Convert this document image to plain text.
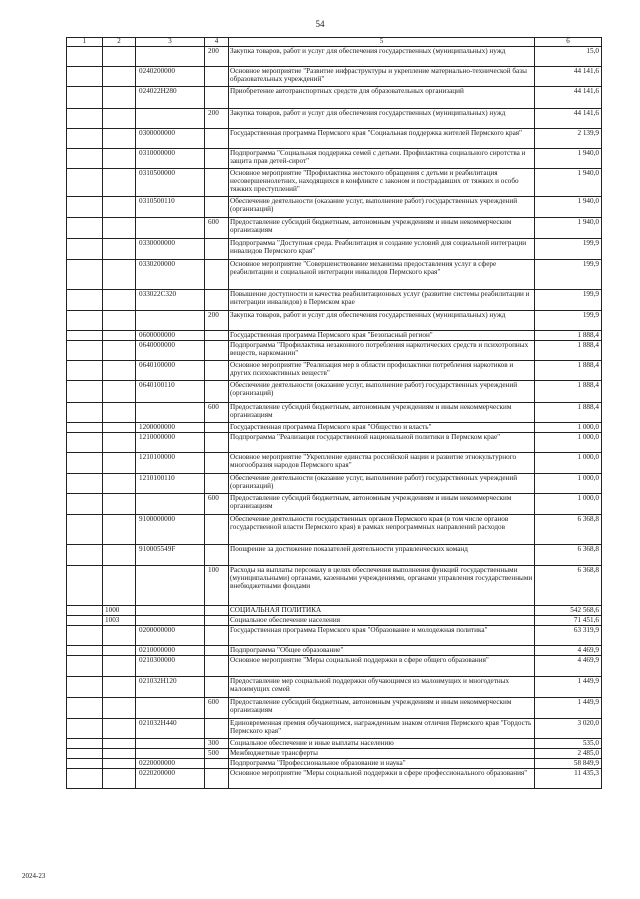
54
1	2	3	4	5	6
			200	Закупка товаров, работ и услуг для обеспечения государственных (муниципальных) нужд	15,0
		0240200000		Основное мероприятие "Развитие инфраструктуры и укрепление материально-технической базы образовательных учреждений"	44 141,6
		024022Н280		Приобретение автотранспортных средств для образовательных организаций	44 141,6
			200	Закупка товаров, работ и услуг для обеспечения государственных (муниципальных) нужд	44 141,6
		0300000000		Государственная программа Пермского края "Социальная поддержка жителей Пермского края"	2 139,9
		0310000000		Подпрограмма "Социальная поддержка семей с детьми. Профилактика социального сиротства и защита прав детей-сирот"	1 940,0
		0310500000		Основное мероприятие "Профилактика жестокого обращения с детьми и реабилитация несовершеннолетних, находящихся в конфликте с законом и пострадавших от тяжких и особо тяжких преступлений"	1 940,0
		0310500110		Обеспечение деятельности (оказание услуг, выполнение работ) государственных учреждений (организаций)	1 940,0
			600	Предоставление субсидий бюджетным, автономным учреждениям и иным некоммерческим организациям	1 940,0
		0330000000		Подпрограмма "Доступная среда. Реабилитация и создание условий для социальной интеграции инвалидов Пермского края"	199,9
		0330200000		Основное мероприятие "Совершенствование механизма предоставления услуг в сфере реабилитации и социальной интеграции инвалидов Пермского края"	199,9
		033022С320		Повышение доступности и качества реабилитационных услуг (развитие системы реабилитации и интеграции инвалидов) в Пермском крае	199,9
			200	Закупка товаров, работ и услуг для обеспечения государственных (муниципальных) нужд	199,9
		0600000000		Государственная программа Пермского края "Безопасный регион"	1 888,4
		0640000000		Подпрограмма "Профилактика незаконного потребления наркотических средств и психотропных веществ, наркомании"	1 888,4
		0640100000		Основное мероприятие "Реализация мер в области профилактики потребления наркотиков и других психоактивных веществ"	1 888,4
		0640100110		Обеспечение деятельности (оказание услуг, выполнение работ) государственных учреждений (организаций)	1 888,4
			600	Предоставление субсидий бюджетным, автономным учреждениям и иным некоммерческим организациям	1 888,4
		1200000000		Государственная программа Пермского края "Общество и власть"	1 000,0
		1210000000		Подпрограмма "Реализация государственной национальной политики в Пермском крае"	1 000,0
		1210100000		Основное мероприятие "Укрепление единства российской нации и развитие этнокультурного многообразия народов Пермского края"	1 000,0
		1210100110		Обеспечение деятельности (оказание услуг, выполнение работ) государственных учреждений (организаций)	1 000,0
			600	Предоставление субсидий бюджетным, автономным учреждениям и иным некоммерческим организациям	1 000,0
		9100000000		Обеспечение деятельности государственных органов Пермского края (в том числе органов государственной власти Пермского края) в рамках непрограммных направлений расходов	6 368,8
		910005549F		Поощрение за достижение показателей деятельности управленческих команд	6 368,8
			100	Расходы на выплаты персоналу в целях обеспечения выполнения функций государственными (муниципальными) органами, казенными учреждениями, органами управления государственными внебюджетными фондами	6 368,8
	1000			СОЦИАЛЬНАЯ ПОЛИТИКА	542 568,6
	1003			Социальное обеспечение населения	71 451,6
		0200000000		Государственная программа Пермского края "Образование и молодежная политика"	63 319,9
		0210000000		Подпрограмма "Общее образование"	4 469,9
		0210300000		Основное мероприятие "Меры социальной поддержки в сфере общего образования"	4 469,9
		021032Н120		Предоставление мер социальной поддержки обучающимся из малоимущих и многодетных малоимущих семей	1 449,9
			600	Предоставление субсидий бюджетным, автономным учреждениям и иным некоммерческим организациям	1 449,9
		021032Н440		Единовременная премия обучающимся, награжденным знаком отличия Пермского края "Гордость Пермского края"	3 020,0
			300	Социальное обеспечение и иные выплаты населению	535,0
			500	Межбюджетные трансферты	2 485,0
		0220000000		Подпрограмма "Профессиональное образование и наука"	58 849,9
		0220200000		Основное мероприятие "Меры социальной поддержки в сфере профессионального образования"	11 435,3
2024-23
